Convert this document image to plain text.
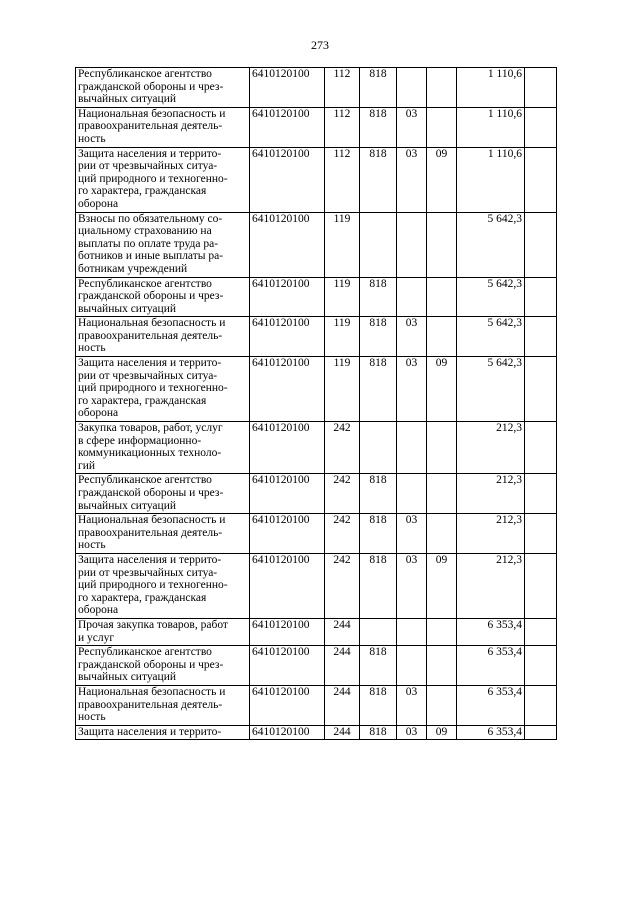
273
Республиканское агентство
гражданской обороны и чрез-
вычайных ситуаций	6410120100	112	818			1 110,6	

Национальная безопасность и
правоохранительная деятель-
ность	6410120100	112	818	03		1 110,6	

Защита населения и террито-
рии от чрезвычайных ситуа-
ций природного и техногенно-
го характера, гражданская
оборона	6410120100	112	818	03	09	1 110,6	

Взносы по обязательному со-
циальному страхованию на
выплаты по оплате труда ра-
ботников и иные выплаты ра-
ботникам учреждений	6410120100	119				5 642,3	

Республиканское агентство
гражданской обороны и чрез-
вычайных ситуаций	6410120100	119	818			5 642,3	

Национальная безопасность и
правоохранительная деятель-
ность	6410120100	119	818	03		5 642,3	

Защита населения и террито-
рии от чрезвычайных ситуа-
ций природного и техногенно-
го характера, гражданская
оборона	6410120100	119	818	03	09	5 642,3	

Закупка товаров, работ, услуг
в сфере информационно-
коммуникационных техноло-
гий	6410120100	242				212,3	

Республиканское агентство
гражданской обороны и чрез-
вычайных ситуаций	6410120100	242	818			212,3	

Национальная безопасность и
правоохранительная деятель-
ность	6410120100	242	818	03		212,3	

Защита населения и террито-
рии от чрезвычайных ситуа-
ций природного и техногенно-
го характера, гражданская
оборона	6410120100	242	818	03	09	212,3	

Прочая закупка товаров, работ
и услуг	6410120100	244				6 353,4	

Республиканское агентство
гражданской обороны и чрез-
вычайных ситуаций	6410120100	244	818			6 353,4	

Национальная безопасность и
правоохранительная деятель-
ность	6410120100	244	818	03		6 353,4	

Защита населения и террито-	6410120100	244	818	03	09	6 353,4	
